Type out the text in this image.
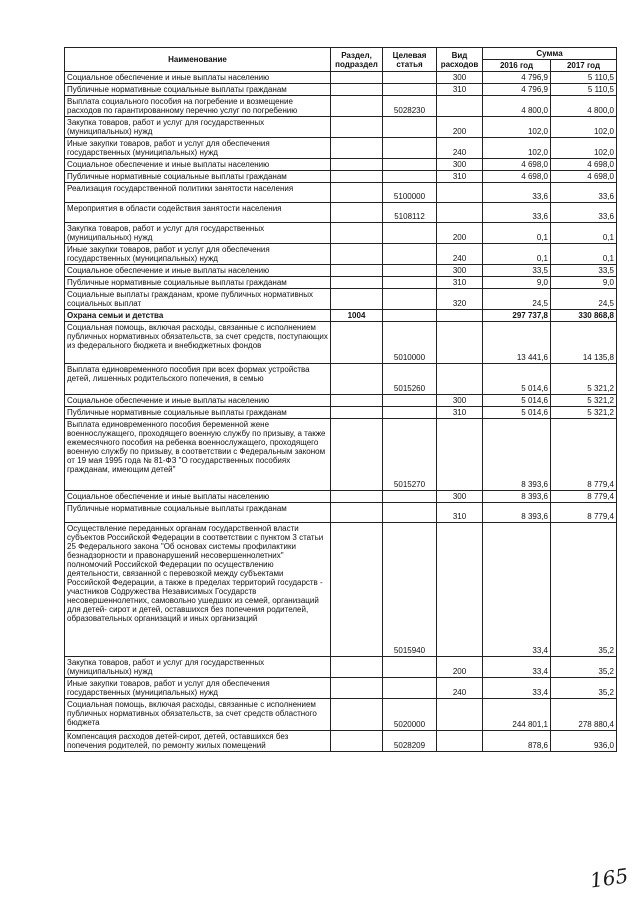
Наименование	Раздел, подраздел	Целевая статья	Вид расходов	Сумма	
				2016 год	2017 год
Социальное обеспечение и иные выплаты населению			300	4 796,9	5 110,5
Публичные нормативные социальные выплаты гражданам			310	4 796,9	5 110,5
Выплата социального пособия на погребение и возмещение расходов по гарантированному перечню услуг по погребению		5028230		4 800,0	4 800,0
Закупка товаров, работ и услуг для государственных (муниципальных) нужд			200	102,0	102,0
Иные закупки товаров, работ и услуг для обеспечения государственных (муниципальных) нужд			240	102,0	102,0
Социальное обеспечение и иные выплаты населению			300	4 698,0	4 698,0
Публичные нормативные социальные выплаты гражданам			310	4 698,0	4 698,0
Реализация государственной политики занятости населения		5100000		33,6	33,6
Мероприятия в области содействия занятости населения		5108112		33,6	33,6
Закупка товаров, работ и услуг для государственных (муниципальных) нужд			200	0,1	0,1
Иные закупки товаров, работ и услуг для обеспечения государственных (муниципальных) нужд			240	0,1	0,1
Социальное обеспечение и иные выплаты населению			300	33,5	33,5
Публичные нормативные социальные выплаты гражданам			310	9,0	9,0
Социальные выплаты гражданам, кроме публичных нормативных социальных выплат			320	24,5	24,5
Охрана семьи и детства	1004			297 737,8	330 868,8
Социальная помощь, включая расходы, связанные с исполнением публичных нормативных обязательств, за счет средств, поступающих из федерального бюджета и внебюджетных фондов		5010000		13 441,6	14 135,8
Выплата единовременного пособия при всех формах устройства детей, лишенных родительского попечения, в семью		5015260		5 014,6	5 321,2
Социальное обеспечение и иные выплаты населению			300	5 014,6	5 321,2
Публичные нормативные социальные выплаты гражданам			310	5 014,6	5 321,2
Выплата единовременного пособия беременной жене военнослужащего, проходящего военную службу по призыву, а также ежемесячного пособия на ребенка военнослужащего, проходящего военную службу по призыву, в соответствии с Федеральным законом от 19 мая 1995 года № 81-ФЗ "О государственных пособиях гражданам, имеющим детей"		5015270		8 393,6	8 779,4
Социальное обеспечение и иные выплаты населению			300	8 393,6	8 779,4
Публичные нормативные социальные выплаты гражданам			310	8 393,6	8 779,4
Осуществление переданных органам государственной власти субъектов Российской Федерации в соответствии с пунктом 3 статьи 25 Федерального закона "Об основах системы профилактики безнадзорности и правонарушений несовершеннолетних" полномочий Российской Федерации по осуществлению деятельности, связанной с перевозкой между субъектами Российской Федерации, а также в пределах территорий государств - участников Содружества Независимых Государств несовершеннолетних, самовольно ушедших из семей, организаций для детей- сирот и детей, оставшихся без попечения родителей, образовательных организаций и иных организаций		5015940		33,4	35,2
Закупка товаров, работ и услуг для государственных (муниципальных) нужд			200	33,4	35,2
Иные закупки товаров, работ и услуг для обеспечения государственных (муниципальных) нужд			240	33,4	35,2
Социальная помощь, включая расходы, связанные с исполнением публичных нормативных обязательств, за счет средств областного бюджета		5020000		244 801,1	278 880,4
Компенсация расходов детей-сирот, детей, оставшихся без попечения родителей, по ремонту жилых помещений		5028209		878,6	936,0
165
